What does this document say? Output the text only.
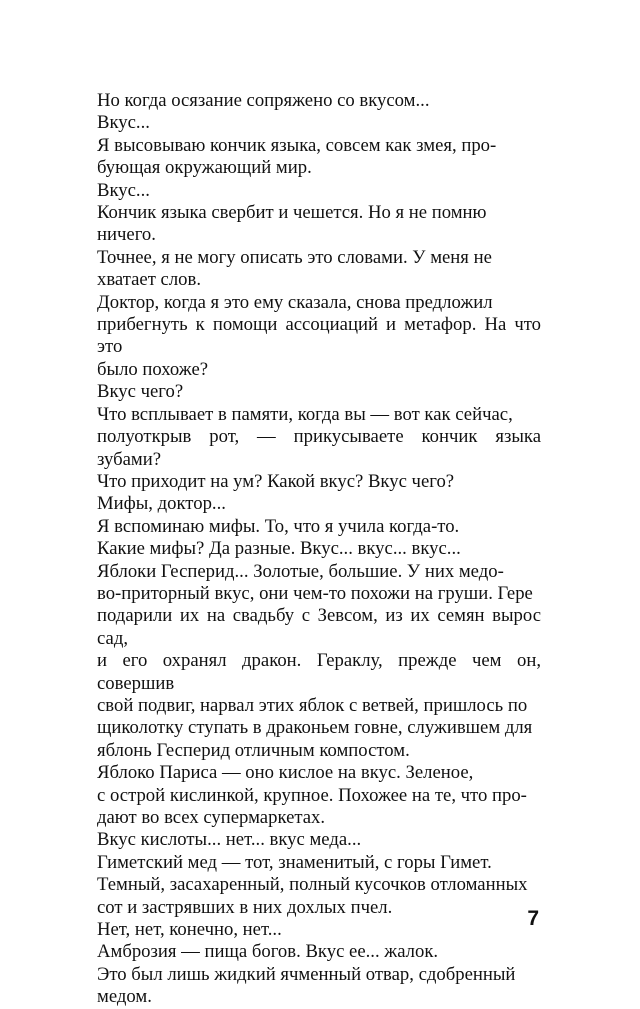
Но когда осязание сопряжено со вкусом...

Вкус...

Я высовываю кончик языка, совсем как змея, про-
бующая окружающий мир.

Вкус...

Кончик языка свербит и чешется. Но я не помню
ничего.

Точнее, я не могу описать это словами. У меня не
хватает слов.

Доктор, когда я это ему сказала, снова предложил
прибегнуть к помощи ассоциаций и метафор. На что это
было похоже?

Вкус чего?

Что всплывает в памяти, когда вы — вот как сейчас,
полуоткрыв рот, — прикусываете кончик языка зубами?

Что приходит на ум? Какой вкус? Вкус чего?

Мифы, доктор...

Я вспоминаю мифы. То, что я учила когда-то.

Какие мифы? Да разные. Вкус... вкус... вкус...

Яблоки Гесперид... Золотые, большие. У них медо-
во-приторный вкус, они чем-то похожи на груши. Гере
подарили их на свадьбу с Зевсом, из их семян вырос сад,
и его охранял дракон. Гераклу, прежде чем он, совершив
свой подвиг, нарвал этих яблок с ветвей, пришлось по
щиколотку ступать в драконьем говне, служившем для
яблонь Гесперид отличным компостом.

Яблоко Париса — оно кислое на вкус. Зеленое,
с острой кислинкой, крупное. Похожее на те, что про-
дают во всех супермаркетах.

Вкус кислоты... нет... вкус меда...

Гиметский мед — тот, знаменитый, с горы Гимет.
Темный, засахаренный, полный кусочков отломанных
сот и застрявших в них дохлых пчел.

Нет, нет, конечно, нет...

Амброзия — пища богов. Вкус ее... жалок.

Это был лишь жидкий ячменный отвар, сдобренный
медом.

7
